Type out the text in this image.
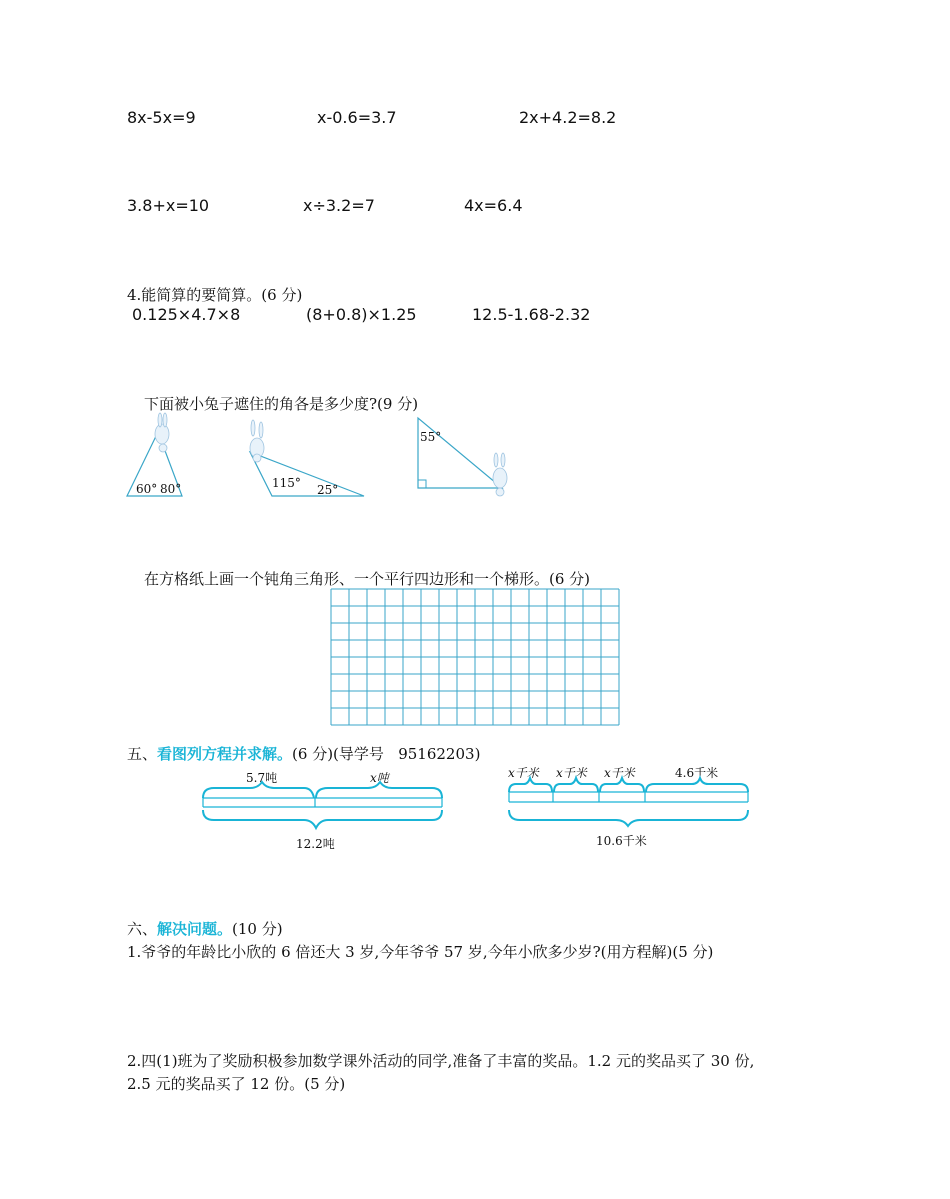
8x-5x=9	x-0.6=3.7	2x+4.2=8.2
3.8+x=10	x÷3.2=7	4x=6.4
4.能简算的要简算。(6 分)
0.125×4.7×8	(8+0.8)×1.25	12.5-1.68-2.32
下面被小兔子遮住的角各是多少度?(9 分)
60° 80°	115° 25°
55°
在方格纸上画一个钝角三角形、一个平行四边形和一个梯形。(6 分)
五、看图列方程并求解。(6 分)(导学号 95162203)
5.7吨	x吨
12.2吨
x千米 x千米 x千米	4.6千米
10.6千米
六、解决问题。(10 分)
1.爷爷的年龄比小欣的 6 倍还大 3 岁,今年爷爷 57 岁,今年小欣多少岁?(用方程解)(5 分)
2.四(1)班为了奖励积极参加数学课外活动的同学,准备了丰富的奖品。1.2 元的奖品买了 30 份,
2.5 元的奖品买了 12 份。(5 分)
